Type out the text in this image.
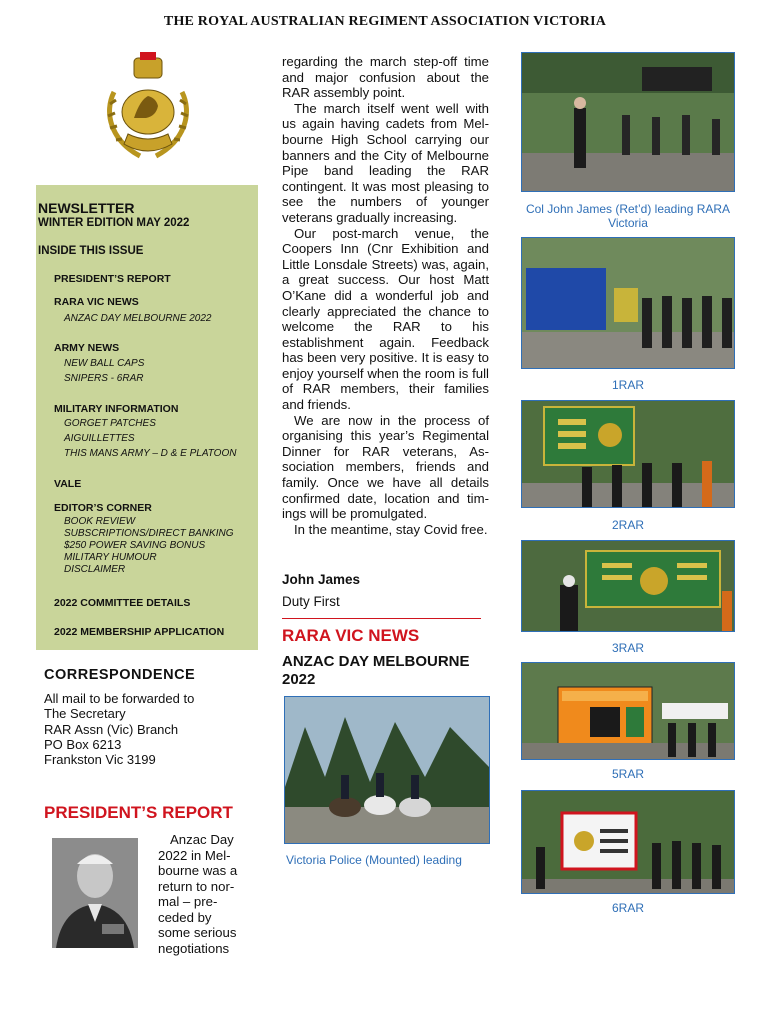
THE ROYAL AUSTRALIAN REGIMENT ASSOCIATION VICTORIA
NEWSLETTER
WINTER EDITION MAY 2022
INSIDE THIS ISSUE
PRESIDENT’S REPORT
RARA VIC NEWS
ANZAC DAY MELBOURNE 2022
ARMY NEWS
NEW BALL CAPS
SNIPERS - 6RAR
MILITARY INFORMATION
GORGET PATCHES
AIGUILLETTES
THIS MANS ARMY – D & E PLATOON
VALE
EDITOR’S CORNER
BOOK REVIEW
SUBSCRIPTIONS/DIRECT BANKING
$250 POWER SAVING BONUS
MILITARY HUMOUR
DISCLAIMER
2022 COMMITTEE DETAILS
2022 MEMBERSHIP APPLICATION
CORRESPONDENCE
All mail to be forwarded to
The Secretary
RAR Assn (Vic) Branch
PO Box 6213
Frankston Vic 3199
PRESIDENT’S REPORT
Anzac Day
2022 in Mel-
bourne was a
return to nor-
mal – pre-
ceded by
some serious
negotiations

regarding the march step-off time and major confusion about the RAR assembly point.

The march itself went well with us again having cadets from Melbourne High School carrying our banners and the City of Melbourne Pipe band leading the RAR contingent. It was most pleasing to see the numbers of younger veterans gradually increasing.

Our post-march venue, the Coopers Inn (Cnr Exhibition and Little Lonsdale Streets) was, again, a great success. Our host Matt O’Kane did a wonderful job and clearly appreciated the chance to welcome the RAR to his establishment again. Feedback has been very positive. It is easy to enjoy yourself when the room is full of RAR members, their families and friends.

We are now in the process of organising this year’s Regimental Dinner for RAR veterans, Association members, friends and family. Once we have all details confirmed date, location and timings will be promulgated.

In the meantime, stay Covid free.

John James
Duty First
RARA VIC NEWS
ANZAC DAY MELBOURNE 2022
Victoria Police (Mounted) leading
Col John James (Ret’d) leading RARA Victoria
1RAR
2RAR
3RAR
5RAR
6RAR
